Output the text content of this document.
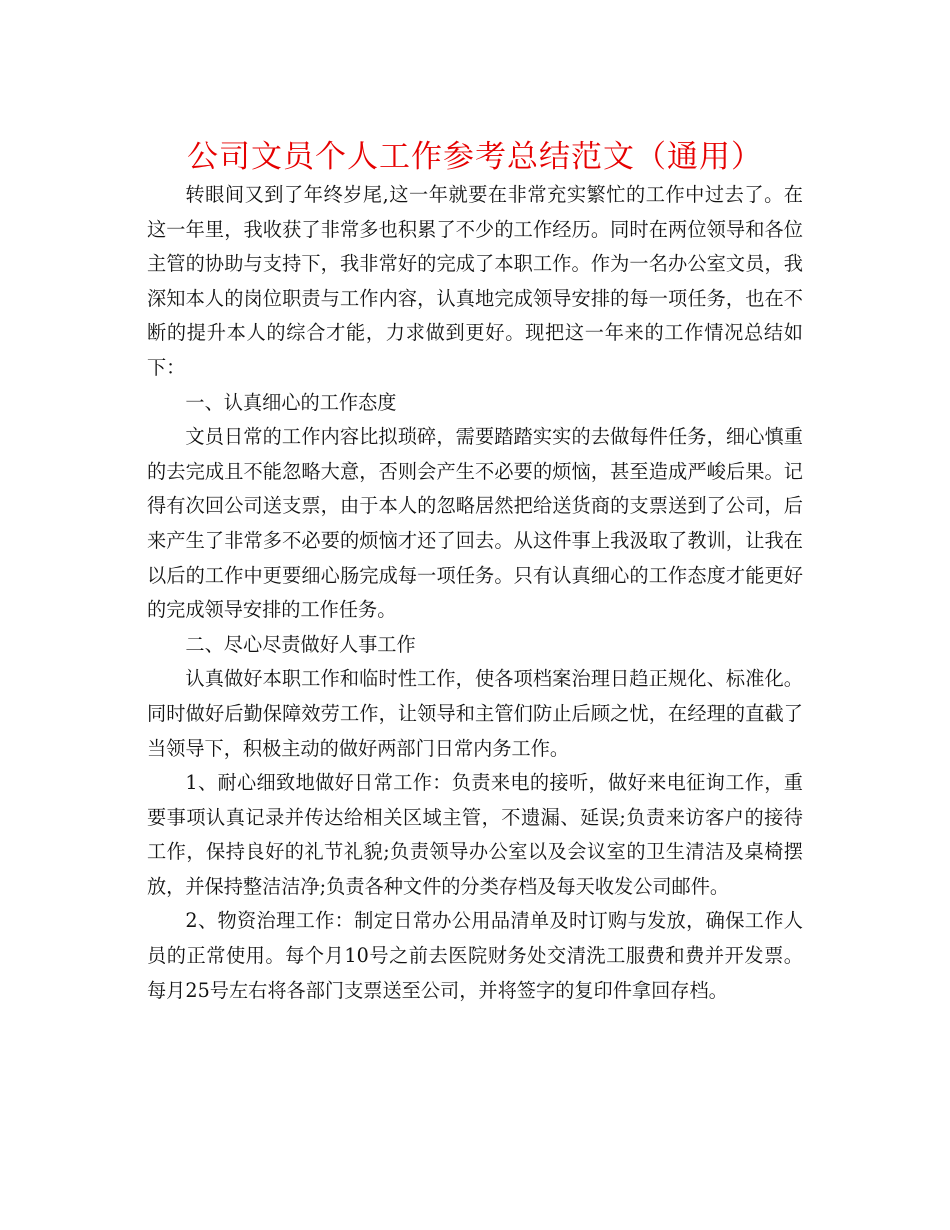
公司文员个人工作参考总结范文（通用）

转眼间又到了年终岁尾,这一年就要在非常充实繁忙的工作中过去了。在这一年里，我收获了非常多也积累了不少的工作经历。同时在两位领导和各位主管的协助与支持下，我非常好的完成了本职工作。作为一名办公室文员，我深知本人的岗位职责与工作内容，认真地完成领导安排的每一项任务，也在不断的提升本人的综合才能，力求做到更好。现把这一年来的工作情况总结如下：

一、认真细心的工作态度

文员日常的工作内容比拟琐碎，需要踏踏实实的去做每件任务，细心慎重的去完成且不能忽略大意，否则会产生不必要的烦恼，甚至造成严峻后果。记得有次回公司送支票，由于本人的忽略居然把给送货商的支票送到了公司，后来产生了非常多不必要的烦恼才还了回去。从这件事上我汲取了教训，让我在以后的工作中更要细心肠完成每一项任务。只有认真细心的工作态度才能更好的完成领导安排的工作任务。

二、尽心尽责做好人事工作

认真做好本职工作和临时性工作，使各项档案治理日趋正规化、标准化。同时做好后勤保障效劳工作，让领导和主管们防止后顾之忧，在经理的直截了当领导下，积极主动的做好两部门日常内务工作。

1、耐心细致地做好日常工作：负责来电的接听，做好来电征询工作，重要事项认真记录并传达给相关区域主管，不遗漏、延误;负责来访客户的接待工作，保持良好的礼节礼貌;负责领导办公室以及会议室的卫生清洁及桌椅摆放，并保持整洁洁净;负责各种文件的分类存档及每天收发公司邮件。

2、物资治理工作：制定日常办公用品清单及时订购与发放，确保工作人员的正常使用。每个月10号之前去医院财务处交清洗工服费和费并开发票。每月25号左右将各部门支票送至公司，并将签字的复印件拿回存档。
